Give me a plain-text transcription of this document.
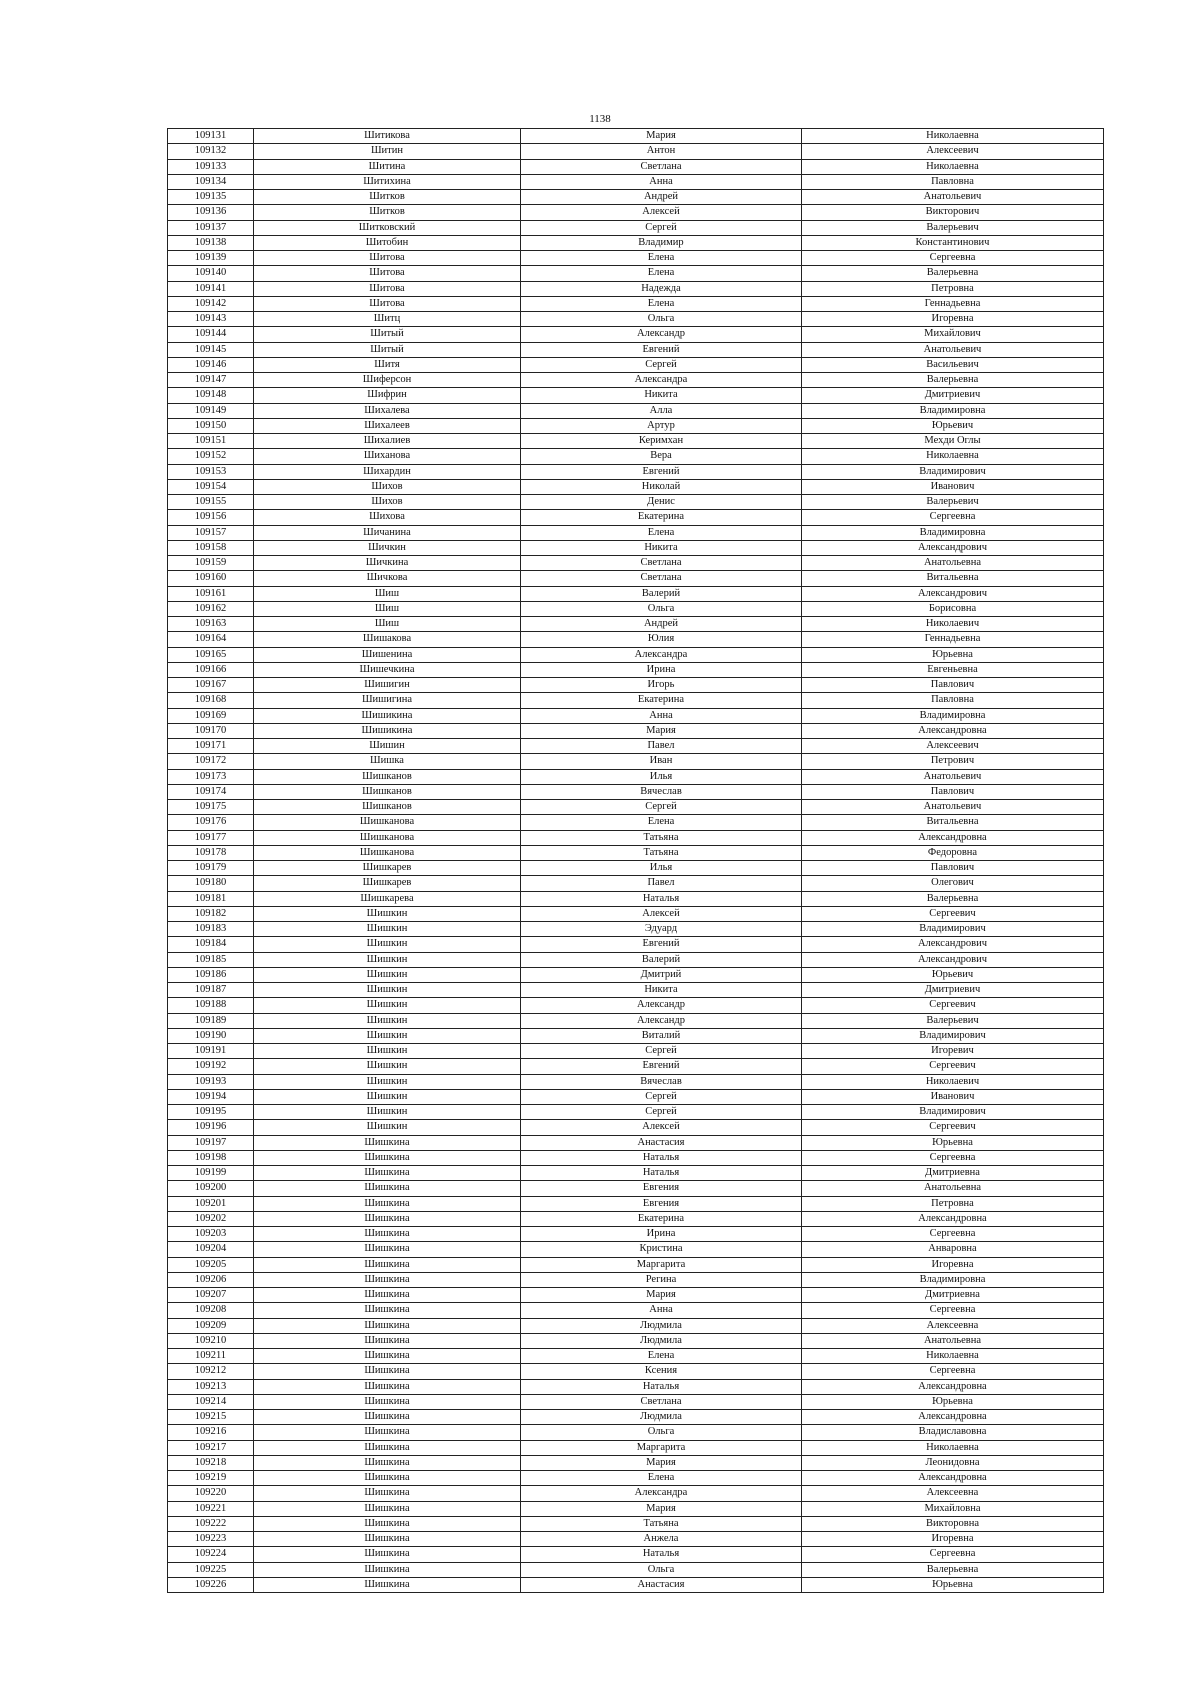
1138
109131	Шитикова	Мария	Николаевна
109132	Шитин	Антон	Алексеевич
109133	Шитина	Светлана	Николаевна
109134	Шитихина	Анна	Павловна
109135	Шитков	Андрей	Анатольевич
109136	Шитков	Алексей	Викторович
109137	Шитковский	Сергей	Валерьевич
109138	Шитобин	Владимир	Константинович
109139	Шитова	Елена	Сергеевна
109140	Шитова	Елена	Валерьевна
109141	Шитова	Надежда	Петровна
109142	Шитова	Елена	Геннадьевна
109143	Шитц	Ольга	Игоревна
109144	Шитый	Александр	Михайлович
109145	Шитый	Евгений	Анатольевич
109146	Шитя	Сергей	Васильевич
109147	Шиферсон	Александра	Валерьевна
109148	Шифрин	Никита	Дмитриевич
109149	Шихалева	Алла	Владимировна
109150	Шихалеев	Артур	Юрьевич
109151	Шихалиев	Керимхан	Мехди Оглы
109152	Шиханова	Вера	Николаевна
109153	Шихардин	Евгений	Владимирович
109154	Шихов	Николай	Иванович
109155	Шихов	Денис	Валерьевич
109156	Шихова	Екатерина	Сергеевна
109157	Шичанина	Елена	Владимировна
109158	Шичкин	Никита	Александрович
109159	Шичкина	Светлана	Анатольевна
109160	Шичкова	Светлана	Витальевна
109161	Шиш	Валерий	Александрович
109162	Шиш	Ольга	Борисовна
109163	Шиш	Андрей	Николаевич
109164	Шишакова	Юлия	Геннадьевна
109165	Шишенина	Александра	Юрьевна
109166	Шишечкина	Ирина	Евгеньевна
109167	Шишигин	Игорь	Павлович
109168	Шишигина	Екатерина	Павловна
109169	Шишикина	Анна	Владимировна
109170	Шишикина	Мария	Александровна
109171	Шишин	Павел	Алексеевич
109172	Шишка	Иван	Петрович
109173	Шишканов	Илья	Анатольевич
109174	Шишканов	Вячеслав	Павлович
109175	Шишканов	Сергей	Анатольевич
109176	Шишканова	Елена	Витальевна
109177	Шишканова	Татьяна	Александровна
109178	Шишканова	Татьяна	Федоровна
109179	Шишкарев	Илья	Павлович
109180	Шишкарев	Павел	Олегович
109181	Шишкарева	Наталья	Валерьевна
109182	Шишкин	Алексей	Сергеевич
109183	Шишкин	Эдуард	Владимирович
109184	Шишкин	Евгений	Александрович
109185	Шишкин	Валерий	Александрович
109186	Шишкин	Дмитрий	Юрьевич
109187	Шишкин	Никита	Дмитриевич
109188	Шишкин	Александр	Сергеевич
109189	Шишкин	Александр	Валерьевич
109190	Шишкин	Виталий	Владимирович
109191	Шишкин	Сергей	Игоревич
109192	Шишкин	Евгений	Сергеевич
109193	Шишкин	Вячеслав	Николаевич
109194	Шишкин	Сергей	Иванович
109195	Шишкин	Сергей	Владимирович
109196	Шишкин	Алексей	Сергеевич
109197	Шишкина	Анастасия	Юрьевна
109198	Шишкина	Наталья	Сергеевна
109199	Шишкина	Наталья	Дмитриевна
109200	Шишкина	Евгения	Анатольевна
109201	Шишкина	Евгения	Петровна
109202	Шишкина	Екатерина	Александровна
109203	Шишкина	Ирина	Сергеевна
109204	Шишкина	Кристина	Анваровна
109205	Шишкина	Маргарита	Игоревна
109206	Шишкина	Регина	Владимировна
109207	Шишкина	Мария	Дмитриевна
109208	Шишкина	Анна	Сергеевна
109209	Шишкина	Людмила	Алексеевна
109210	Шишкина	Людмила	Анатольевна
109211	Шишкина	Елена	Николаевна
109212	Шишкина	Ксения	Сергеевна
109213	Шишкина	Наталья	Александровна
109214	Шишкина	Светлана	Юрьевна
109215	Шишкина	Людмила	Александровна
109216	Шишкина	Ольга	Владиславовна
109217	Шишкина	Маргарита	Николаевна
109218	Шишкина	Мария	Леонидовна
109219	Шишкина	Елена	Александровна
109220	Шишкина	Александра	Алексеевна
109221	Шишкина	Мария	Михайловна
109222	Шишкина	Татьяна	Викторовна
109223	Шишкина	Анжела	Игоревна
109224	Шишкина	Наталья	Сергеевна
109225	Шишкина	Ольга	Валерьевна
109226	Шишкина	Анастасия	Юрьевна
